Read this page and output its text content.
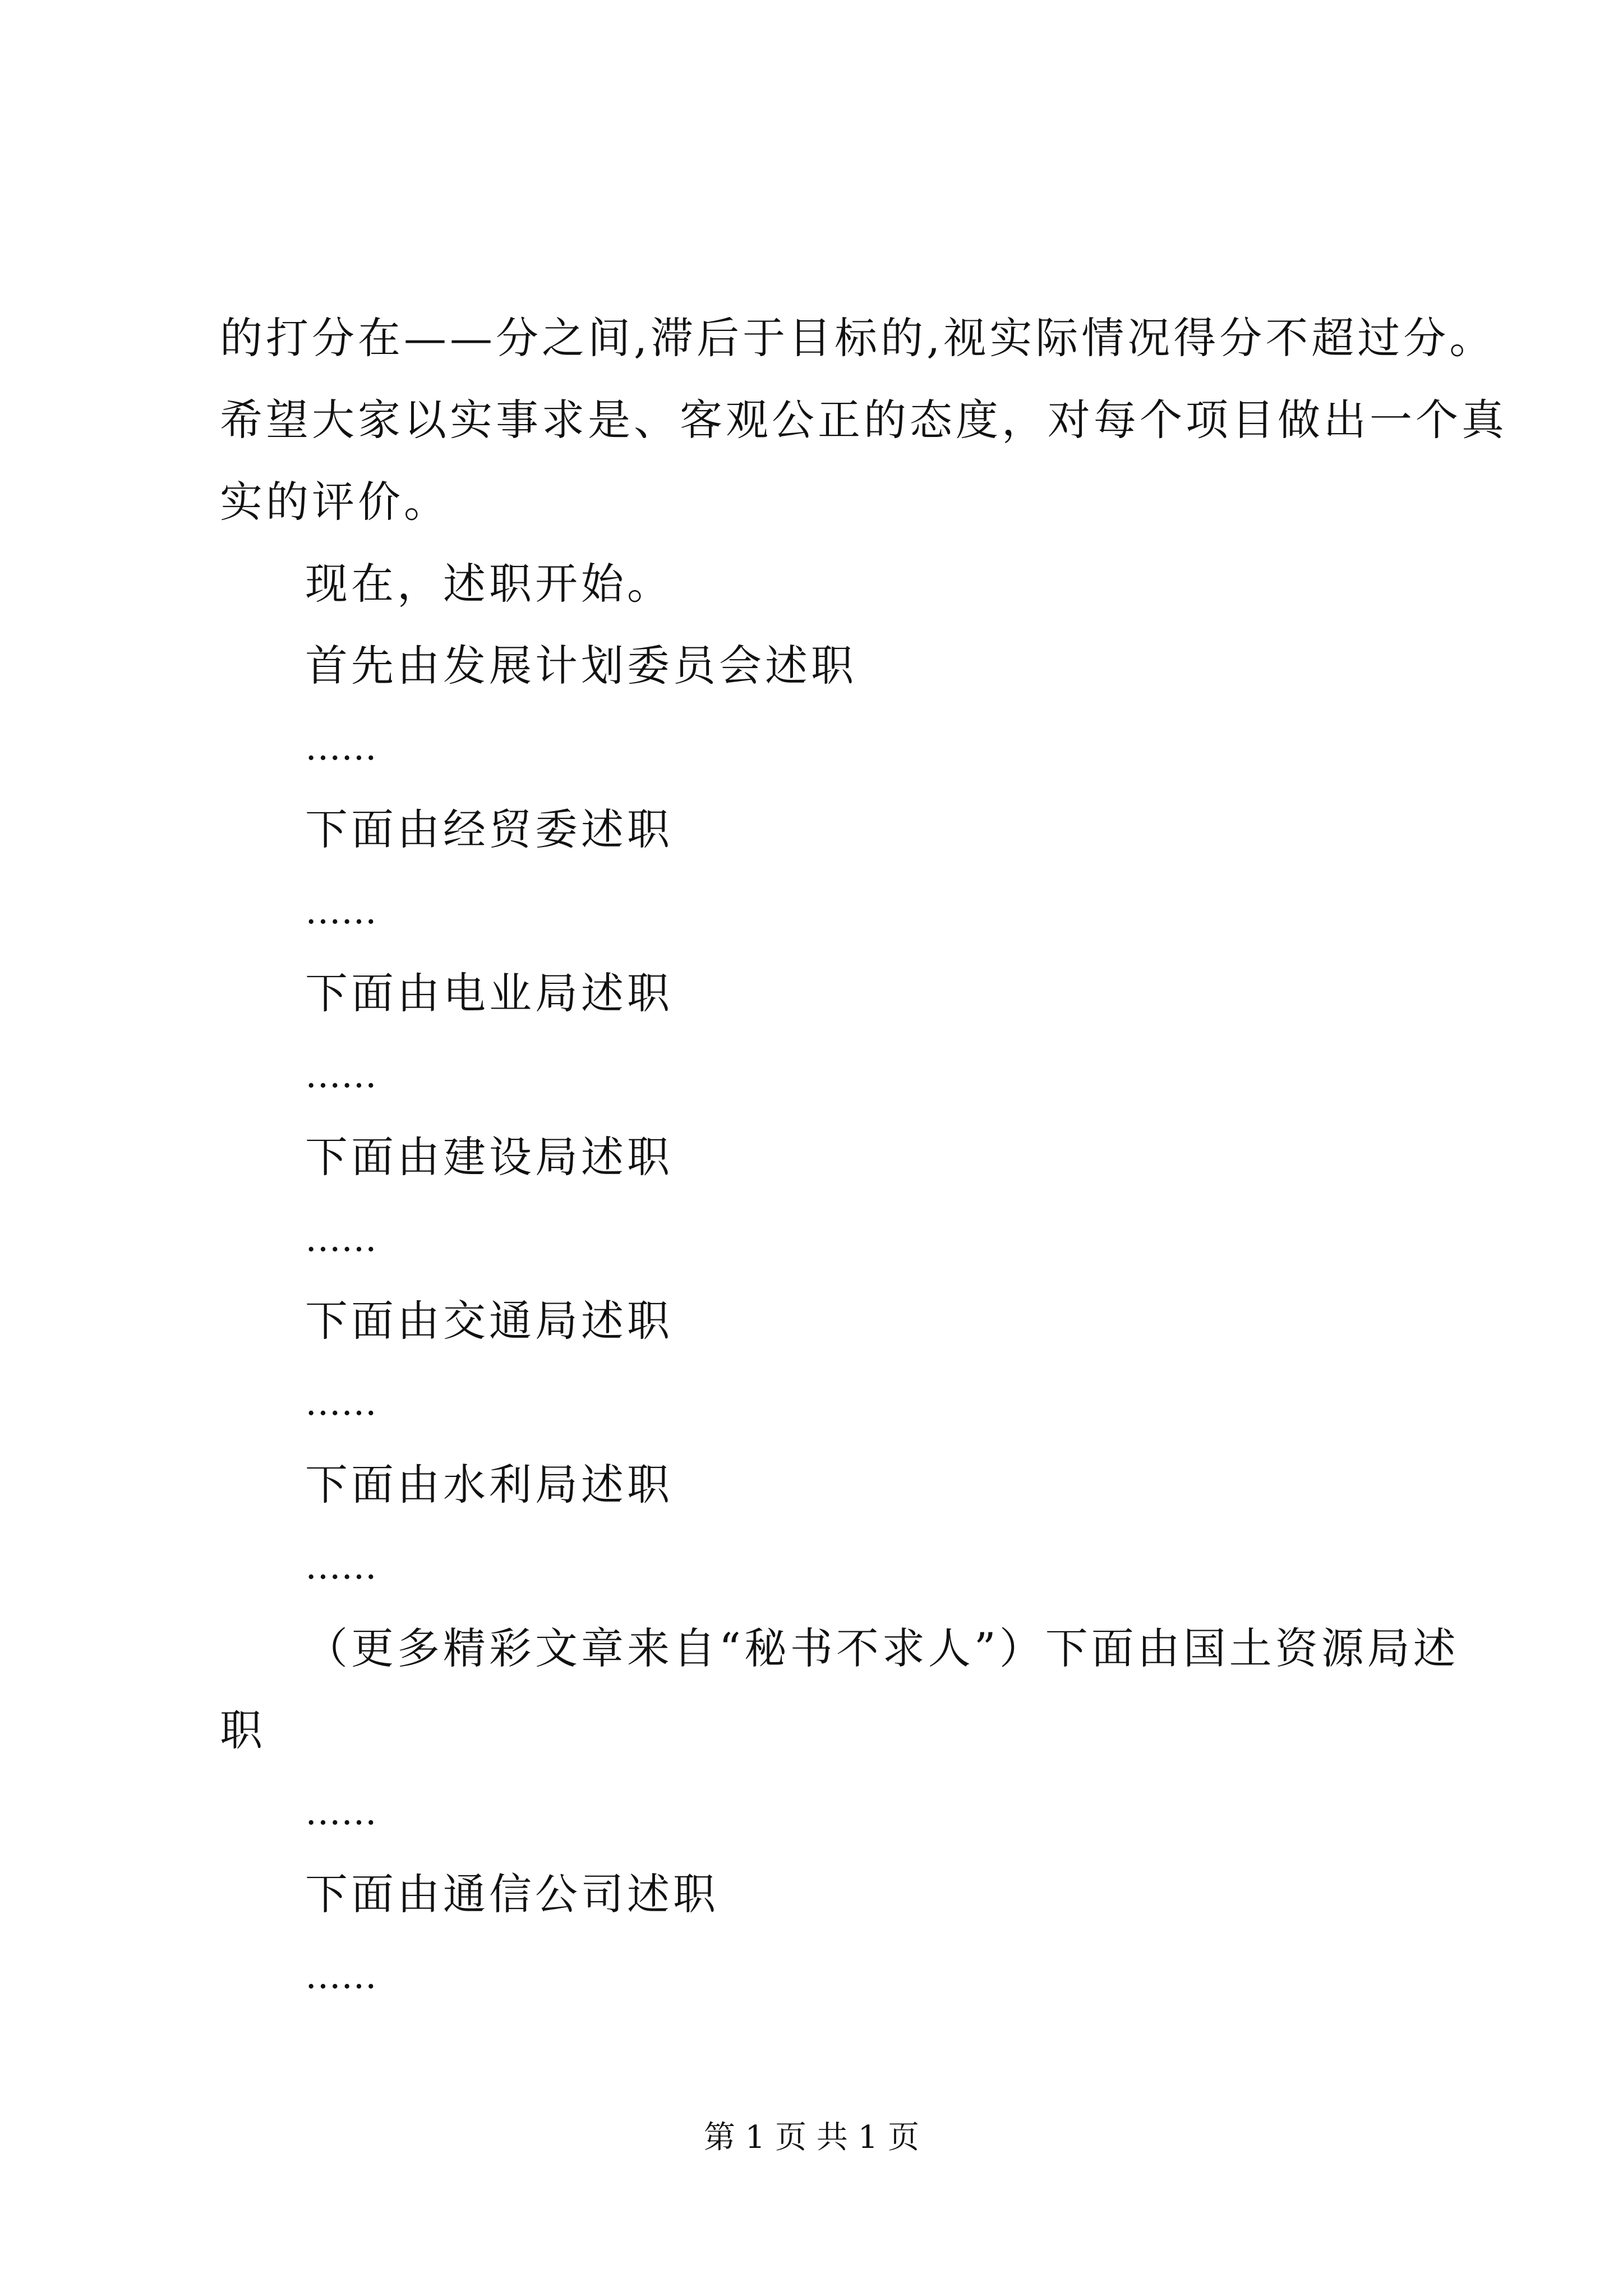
的打分在——分之间,滞后于目标的,视实际情况得分不超过分。
希望大家以实事求是、客观公正的态度，对每个项目做出一个真
实的评价。
现在，述职开始。
首先由发展计划委员会述职
……
下面由经贸委述职
……
下面由电业局述职
……
下面由建设局述职
……
下面由交通局述职
……
下面由水利局述职
……
（更多精彩文章来自“秘书不求人”）下面由国土资源局述
职
……
下面由通信公司述职
……
第 1 页 共 1 页
